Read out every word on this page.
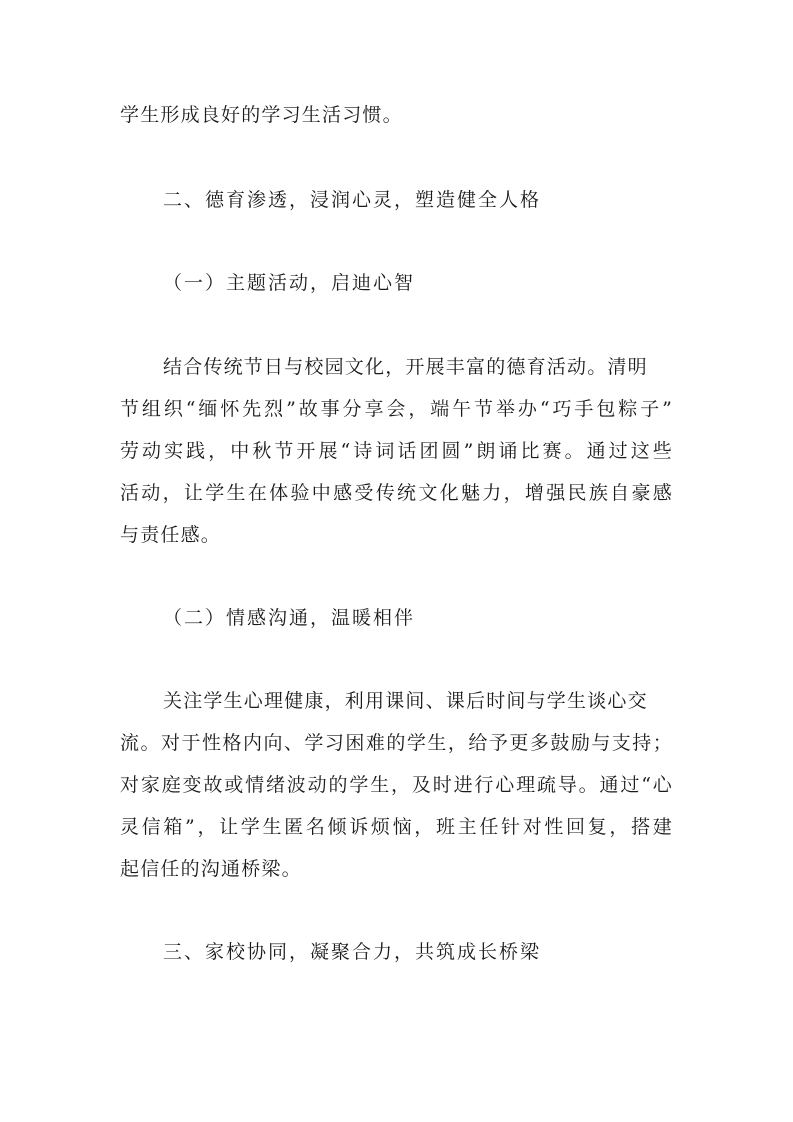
学生形成良好的学习生活习惯。
二、德育渗透，浸润心灵，塑造健全人格
（一）主题活动，启迪心智
结合传统节日与校园文化，开展丰富的德育活动。清明
节组织“缅怀先烈”故事分享会，端午节举办“巧手包粽子”
劳动实践，中秋节开展“诗词话团圆”朗诵比赛。通过这些
活动，让学生在体验中感受传统文化魅力，增强民族自豪感
与责任感。
（二）情感沟通，温暖相伴
关注学生心理健康，利用课间、课后时间与学生谈心交
流。对于性格内向、学习困难的学生，给予更多鼓励与支持；
对家庭变故或情绪波动的学生，及时进行心理疏导。通过“心
灵信箱”，让学生匿名倾诉烦恼，班主任针对性回复，搭建
起信任的沟通桥梁。
三、家校协同，凝聚合力，共筑成长桥梁
